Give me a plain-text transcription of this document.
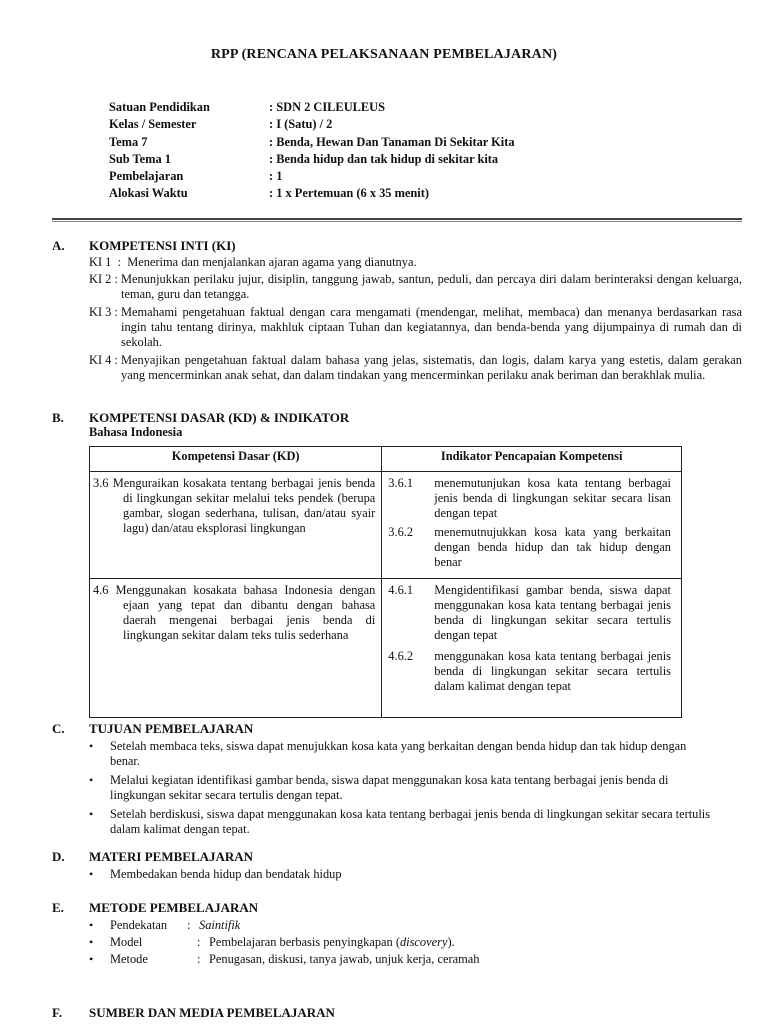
RPP (RENCANA PELAKSANAAN PEMBELAJARAN)
Satuan Pendidikan	: SDN 2 CILEULEUS
Kelas / Semester	: I (Satu) / 2
Tema 7	: Benda, Hewan Dan Tanaman Di Sekitar Kita
Sub Tema 1	: Benda hidup dan tak hidup di sekitar kita
Pembelajaran	: 1
Alokasi Waktu	: 1 x Pertemuan (6 x 35 menit)
A.	KOMPETENSI INTI (KI)
KI 1  : Menerima dan menjalankan ajaran agama yang dianutnya.
KI 2 : Menunjukkan perilaku jujur, disiplin, tanggung jawab, santun, peduli, dan percaya diri dalam berinteraksi dengan keluarga, teman, guru dan tetangga.
KI 3 : Memahami pengetahuan faktual dengan cara mengamati (mendengar, melihat, membaca) dan menanya berdasarkan rasa ingin tahu tentang dirinya, makhluk ciptaan Tuhan dan kegiatannya, dan benda-benda yang dijumpainya di rumah dan di sekolah.
KI 4 : Menyajikan pengetahuan faktual dalam bahasa yang jelas, sistematis, dan logis, dalam karya yang estetis, dalam gerakan yang mencerminkan anak sehat, dan dalam tindakan yang mencerminkan perilaku anak beriman dan berakhlak mulia.
B.	KOMPETENSI DASAR (KD) & INDIKATOR
Bahasa Indonesia
Kompetensi Dasar (KD)	Indikator Pencapaian Kompetensi

3.6 Menguraikan kosakata tentang berbagai jenis benda di lingkungan sekitar melalui teks pendek (berupa gambar, slogan sederhana, tulisan, dan/atau syair lagu) dan/atau eksplorasi lingkungan	3.6.1 menemutunjukan kosa kata tentang berbagai jenis benda di lingkungan sekitar secara lisan dengan tepat
3.6.2 menemutnujukkan kosa kata yang berkaitan dengan benda hidup dan tak hidup dengan benar

4.6 Menggunakan kosakata bahasa Indonesia dengan ejaan yang tepat dan dibantu dengan bahasa daerah mengenai berbagai jenis benda di lingkungan sekitar dalam teks tulis sederhana	4.6.1 Mengidentifikasi gambar benda, siswa dapat menggunakan kosa kata tentang berbagai jenis benda di lingkungan sekitar secara tertulis dengan tepat
4.6.2 menggunakan kosa kata tentang berbagai jenis benda di lingkungan sekitar secara tertulis dalam kalimat dengan tepat
C.	TUJUAN PEMBELAJARAN
• Setelah membaca teks, siswa dapat menujukkan kosa kata yang berkaitan dengan benda hidup dan tak hidup dengan benar.
• Melalui kegiatan identifikasi gambar benda, siswa dapat menggunakan kosa kata tentang berbagai jenis benda di lingkungan sekitar secara tertulis dengan tepat.
• Setelah berdiskusi, siswa dapat menggunakan kosa kata tentang berbagai jenis benda di lingkungan sekitar secara tertulis dalam kalimat dengan tepat.
D.	MATERI PEMBELAJARAN
• Membedakan benda hidup dan bendatak hidup
E.	METODE PEMBELAJARAN
• Pendekatan	: Saintifik
• Model	: Pembelajaran berbasis penyingkapan (discovery).
• Metode	: Penugasan, diskusi, tanya jawab, unjuk kerja, ceramah
F.	SUMBER DAN MEDIA PEMBELAJARAN
